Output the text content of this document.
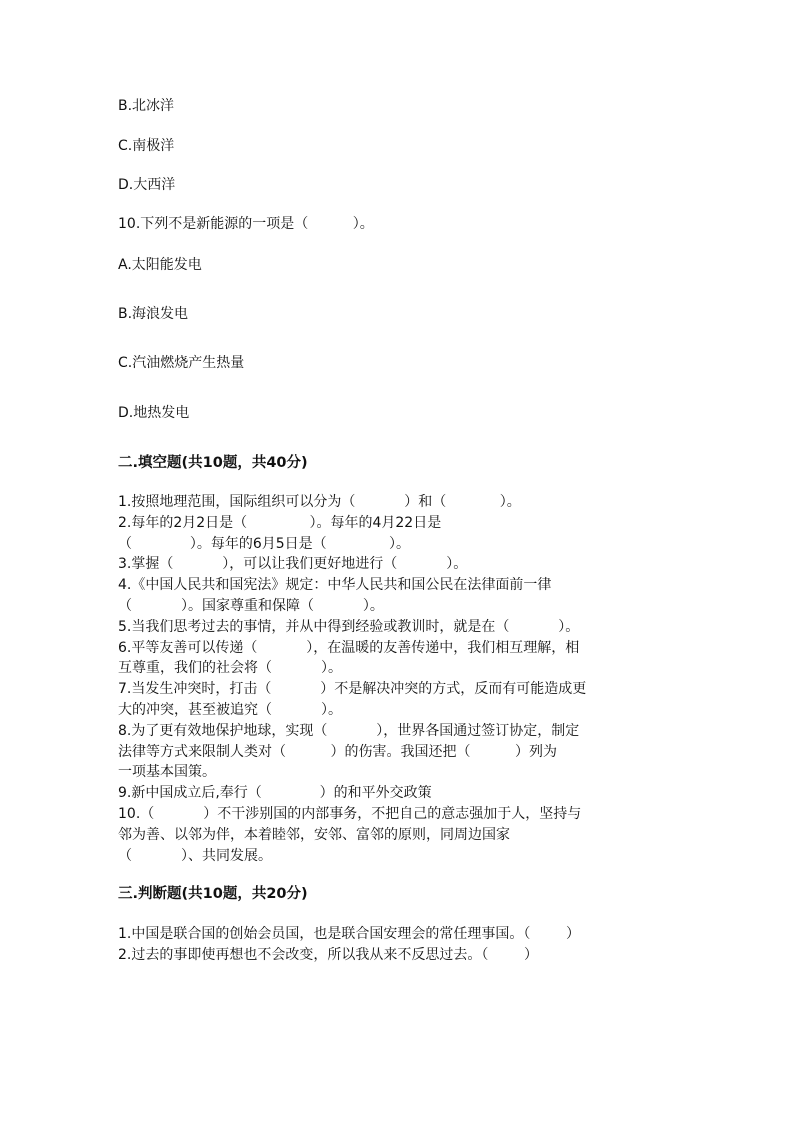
B.北冰洋
C.南极洋
D.大西洋
10.下列不是新能源的一项是（          ）。
A.太阳能发电
B.海浪发电
C.汽油燃烧产生热量
D.地热发电
二.填空题(共10题，共40分)
1.按照地理范围，国际组织可以分为（           ）和（            ）。
2.每年的2月2日是（              ）。每年的4月22日是
（             ）。每年的6月5日是（              ）。
3.掌握（           ），可以让我们更好地进行（           ）。
4.《中国人民共和国宪法》规定：中华人民共和国公民在法律面前一律
（           ）。国家尊重和保障（           ）。
5.当我们思考过去的事情，并从中得到经验或教训时，就是在（           ）。
6.平等友善可以传递（           ），在温暖的友善传递中，我们相互理解，相
互尊重，我们的社会将（           ）。
7.当发生冲突时，打击（           ）不是解决冲突的方式，反而有可能造成更
大的冲突，甚至被追究（           ）。
8.为了更有效地保护地球，实现（           ），世界各国通过签订协定，制定
法律等方式来限制人类对（          ）的伤害。我国还把（          ）列为
一项基本国策。
9.新中国成立后,奉行（             ）的和平外交政策
10.（           ）不干涉别国的内部事务，不把自己的意志强加于人，坚持与
邻为善、以邻为伴，本着睦邻，安邻、富邻的原则，同周边国家
（           ）、共同发展。
三.判断题(共10题，共20分)
1.中国是联合国的创始会员国，也是联合国安理会的常任理事国。（        ）
2.过去的事即使再想也不会改变，所以我从来不反思过去。（        ）
